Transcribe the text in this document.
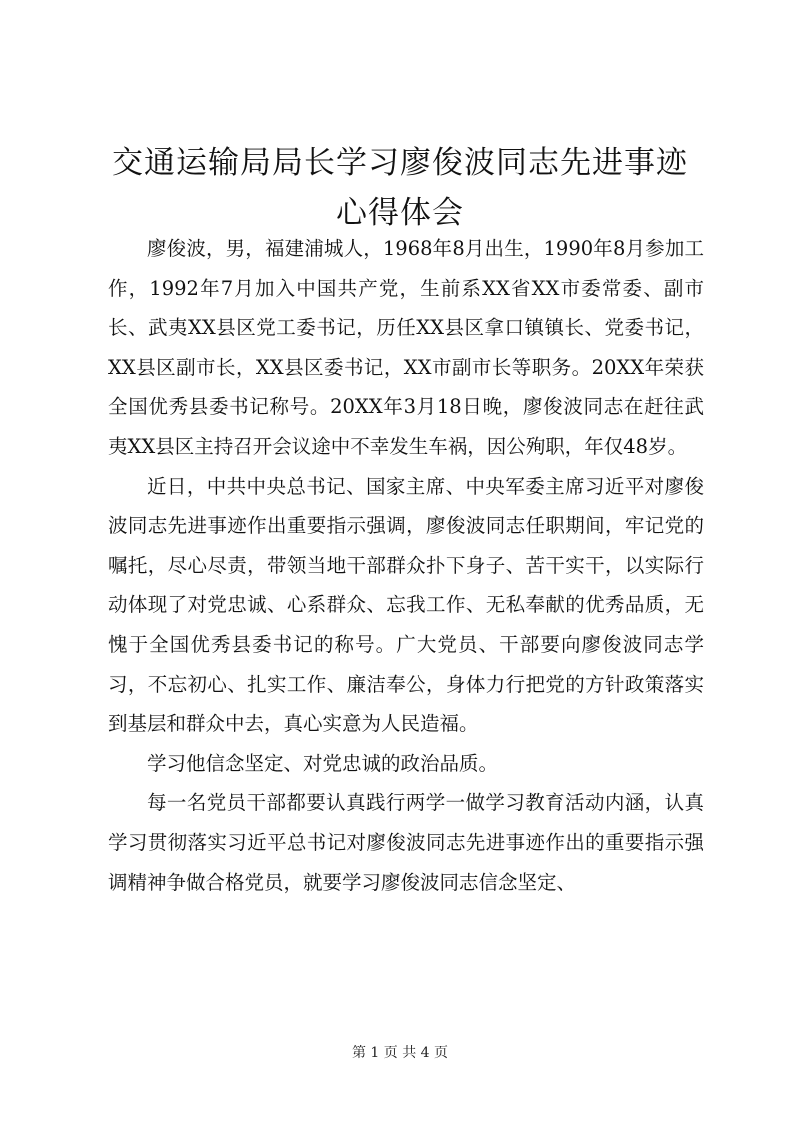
交通运输局局长学习廖俊波同志先进事迹心得体会

廖俊波，男，福建浦城人，1968年8月出生，1990年8月参加工作，1992年7月加入中国共产党，生前系XX省XX市委常委、副市长、武夷XX县区党工委书记，历任XX县区拿口镇镇长、党委书记，XX县区副市长，XX县区委书记，XX市副市长等职务。20XX年荣获全国优秀县委书记称号。20XX年3月18日晚，廖俊波同志在赶往武夷XX县区主持召开会议途中不幸发生车祸，因公殉职，年仅48岁。

近日，中共中央总书记、国家主席、中央军委主席习近平对廖俊波同志先进事迹作出重要指示强调，廖俊波同志任职期间，牢记党的嘱托，尽心尽责，带领当地干部群众扑下身子、苦干实干，以实际行动体现了对党忠诚、心系群众、忘我工作、无私奉献的优秀品质，无愧于全国优秀县委书记的称号。广大党员、干部要向廖俊波同志学习，不忘初心、扎实工作、廉洁奉公，身体力行把党的方针政策落实到基层和群众中去，真心实意为人民造福。

学习他信念坚定、对党忠诚的政治品质。

每一名党员干部都要认真践行两学一做学习教育活动内涵，认真学习贯彻落实习近平总书记对廖俊波同志先进事迹作出的重要指示强调精神争做合格党员，就要学习廖俊波同志信念坚定、

第 1 页 共 4 页
